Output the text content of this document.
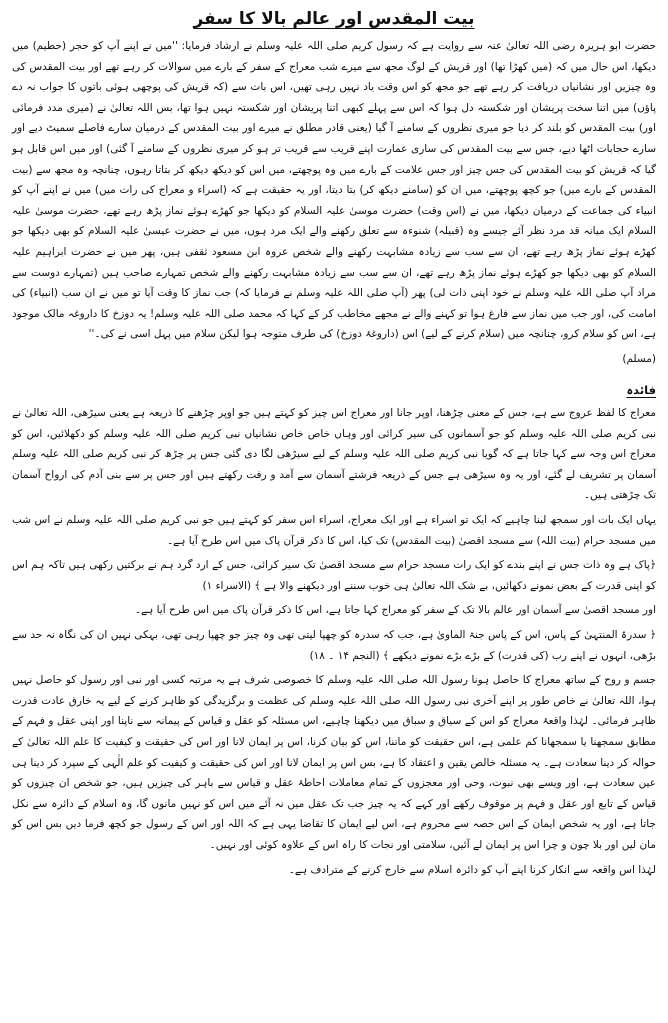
بیت المقدس اور عالم بالا کا سفر

حضرت ابو ہریرہ رضی اللہ تعالیٰ عنہ سے روایت ہے کہ رسول کریم صلی اللہ علیہ وسلم نے ارشاد فرمایا: ''میں نے اپنے آپ کو حجر (حطیم) میں دیکھا، اس حال میں کہ (میں کھڑا تھا) اور قریش کے لوگ مجھ سے میرے شب معراج کے سفر کے بارے میں سوالات کر رہے تھے اور بیت المقدس کی وہ چیزیں اور نشانیاں دریافت کر رہے تھے جو مجھ کو اس وقت یاد نہیں رہی تھیں، اس بات سے (کہ قریش کی پوچھی ہوئی باتوں کا جواب نہ دے پاؤں) میں اتنا سخت پریشان اور شکستہ دل ہوا کہ اس سے پہلے کبھی اتنا پریشان اور شکستہ نہیں ہوا تھا، بس اللہ تعالیٰ نے (میری مدد فرمائی اور) بیت المقدس کو بلند کر دیا جو میری نظروں کے سامنے آ گیا (یعنی قادر مطلق نے میرے اور بیت المقدس کے درمیان سارے فاصلے سمیٹ دیے اور سارے حجابات اٹھا دیے، جس سے بیت المقدس کی ساری عمارت اپنے قریب سے قریب تر ہو کر میری نظروں کے سامنے آ گئی) اور میں اس قابل ہو گیا کہ قریش کو بیت المقدس کی جس چیز اور جس علامت کے بارے میں وہ پوچھتے، میں اس کو دیکھ دیکھ کر بتاتا رہوں، چنانچہ وہ مجھ سے (بیت المقدس کے بارے میں) جو کچھ پوچھتے، میں ان کو (سامنے دیکھ کر) بتا دیتا، اور یہ حقیقت ہے کہ (اسراء و معراج کی رات میں) میں نے اپنے آپ کو انبیاء کی جماعت کے درمیان دیکھا، میں نے (اس وقت) حضرت موسیٰ علیہ السلام کو دیکھا جو کھڑے ہوئے نماز پڑھ رہے تھے، حضرت موسیٰ علیہ السلام ایک میانہ قد مرد نظر آئے جیسے وہ (قبیلہ) شنوءہ سے تعلق رکھنے والے ایک مرد ہوں، میں نے حضرت عیسیٰ علیہ السلام کو بھی دیکھا جو کھڑے ہوئے نماز پڑھ رہے تھے، ان سے سب سے زیادہ مشابہت رکھنے والے شخص عروہ ابن مسعود ثقفی ہیں، پھر میں نے حضرت ابراہیم علیہ السلام کو بھی دیکھا جو کھڑے ہوئے نماز پڑھ رہے تھے، ان سے سب سے زیادہ مشابہت رکھنے والے شخص تمہارے صاحب ہیں (تمہارے دوست سے مراد آپ صلی اللہ علیہ وسلم نے خود اپنی ذات لی) پھر (آپ صلی اللہ علیہ وسلم نے فرمایا کہ) جب نماز کا وقت آیا تو میں نے ان سب (انبیاء) کی امامت کی، اور جب میں نماز سے فارغ ہوا تو کہنے والے نے مجھے مخاطب کر کے کہا کہ محمد صلی اللہ علیہ وسلم! یہ دوزخ کا داروغہ مالک موجود ہے، اس کو سلام کرو، چنانچہ میں (سلام کرنے کے لیے) اس (داروغۂ دوزخ) کی طرف متوجہ ہوا لیکن سلام میں پہل اسی نے کی۔''

(مسلم)

فائدہ

معراج کا لفظ عروج سے ہے، جس کے معنی چڑھنا، اوپر جانا اور معراج اس چیز کو کہتے ہیں جو اوپر چڑھنے کا ذریعہ ہے یعنی سیڑھی، اللہ تعالیٰ نے نبی کریم صلی اللہ علیہ وسلم کو جو آسمانوں کی سیر کرائی اور وہاں خاص خاص نشانیاں نبی کریم صلی اللہ علیہ وسلم کو دکھلائیں، اس کو معراج اس وجہ سے کہا جاتا ہے کہ گویا نبی کریم صلی اللہ علیہ وسلم کے لیے سیڑھی لگا دی گئی جس پر چڑھ کر نبی کریم صلی اللہ علیہ وسلم آسمان پر تشریف لے گئے، اور یہ وہ سیڑھی ہے جس کے ذریعہ فرشتے آسمان سے آمد و رفت رکھتے ہیں اور جس پر سے بنی آدم کی ارواح آسمان تک چڑھتی ہیں۔

یہاں ایک بات اور سمجھ لینا چاہیے کہ ایک تو اسراء ہے اور ایک معراج، اسراء اس سفر کو کہتے ہیں جو نبی کریم صلی اللہ علیہ وسلم نے اس شب میں مسجد حرام (بیت اللہ) سے مسجد اقصیٰ (بیت المقدس) تک کیا، اس کا ذکر قرآن پاک میں اس طرح آیا ہے۔

﴿پاک ہے وہ ذات جس نے اپنے بندے کو ایک رات مسجد حرام سے مسجد اقصیٰ تک سیر کرائی، جس کے ارد گرد ہم نے برکتیں رکھی ہیں تاکہ ہم اس کو اپنی قدرت کے بعض نمونے دکھائیں، بے شک اللہ تعالیٰ ہی خوب سننے اور دیکھنے والا ہے ﴾ (الاسراء ۱)

اور مسجد اقصیٰ سے آسمان اور عالم بالا تک کے سفر کو معراج کہا جاتا ہے، اس کا ذکر قرآن پاک میں اس طرح آیا ہے۔

﴿ سدرۃ المنتہیٰ کے پاس، اس کے پاس جنۃ الماویٰ ہے، جب کہ سدرہ کو چھپا لیتی تھی وہ چیز جو چھپا رہی تھی، بہکی نہیں ان کی نگاہ نہ حد سے بڑھی، انہوں نے اپنے رب (کی قدرت) کے بڑے بڑے نمونے دیکھے ﴾ (النجم ۱۴ ۔ ۱۸)

جسم و روح کے ساتھ معراج کا حاصل ہونا رسول اللہ صلی اللہ علیہ وسلم کا خصوصی شرف ہے یہ مرتبہ کسی اور نبی اور رسول کو حاصل نہیں ہوا، اللہ تعالیٰ نے خاص طور پر اپنے آخری نبی رسول اللہ صلی اللہ علیہ وسلم کی عظمت و برگزیدگی کو ظاہر کرنے کے لیے یہ خارق عادت قدرت ظاہر فرمائی۔ لہٰذا واقعۂ معراج کو اس کے سیاق و سباق میں دیکھنا چاہیے، اس مسئلہ کو عقل و قیاس کے پیمانہ سے ناپنا اور اپنی عقل و فہم کے مطابق سمجھنا یا سمجھانا کم علمی ہے، اس حقیقت کو ماننا، اس کو بیان کرنا، اس پر ایمان لانا اور اس کی حقیقت و کیفیت کا علم اللہ تعالیٰ کے حوالہ کر دینا سعادت ہے۔ یہ مسئلہ خالص یقین و اعتقاد کا ہے، بس اس پر ایمان لانا اور اس کی حقیقت و کیفیت کو علم الٰہی کے سپرد کر دینا ہی عین سعادت ہے، اور ویسے بھی نبوت، وحی اور معجزوں کے تمام معاملات احاطۂ عقل و قیاس سے باہر کی چیزیں ہیں، جو شخص ان چیزوں کو قیاس کے تابع اور عقل و فہم پر موقوف رکھے اور کہے کہ یہ چیز جب تک عقل میں نہ آئے میں اس کو نہیں مانوں گا، وہ اسلام کے دائرہ سے نکل جاتا ہے، اور یہ شخص ایمان کے اس حصہ سے محروم ہے، اس لیے ایمان کا تقاضا یہی ہے کہ اللہ اور اس کے رسول جو کچھ فرما دیں بس اس کو مان لیں اور بلا چون و چرا اس پر ایمان لے آئیں، سلامتی اور نجات کا راہ اس کے علاوہ کوئی اور نہیں۔

لہٰذا اس واقعہ سے انکار کرنا اپنے آپ کو دائرہ اسلام سے خارج کرنے کے مترادف ہے۔
